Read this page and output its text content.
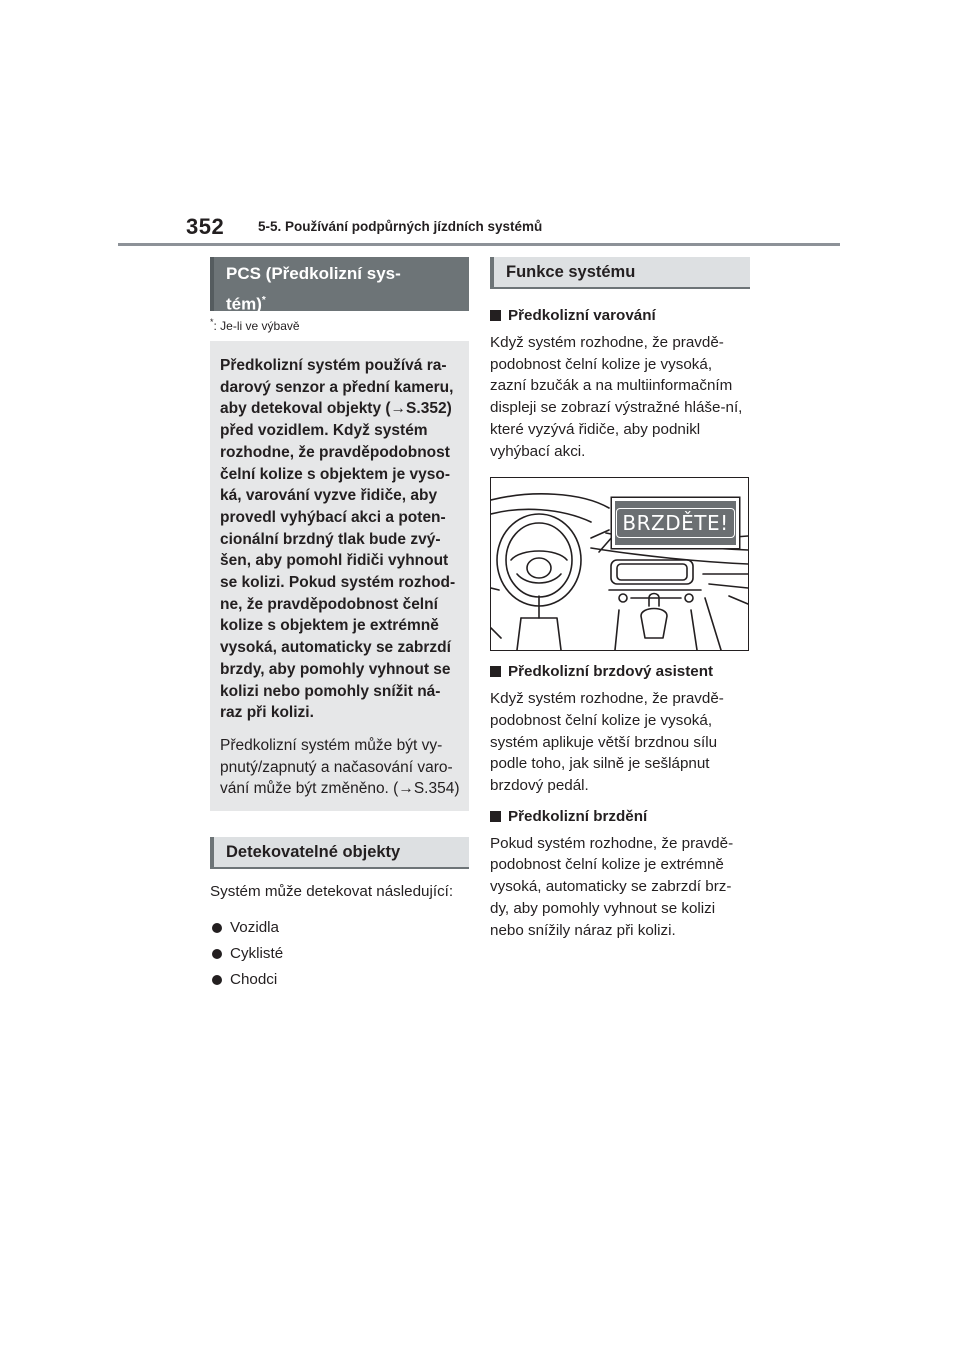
352	5-5. Používání podpůrných jízdních systémů
PCS (Předkolizní sys-
tém)*
*: Je-li ve výbavě

Předkolizní systém používá ra-darový senzor a přední kameru, aby detekoval objekty (→S.352) před vozidlem. Když systém rozhodne, že pravděpodobnost čelní kolize s objektem je vyso-ká, varování vyzve řidiče, aby provedl vyhýbací akci a poten-cionální brzdný tlak bude zvý-šen, aby pomohl řidiči vyhnout se kolizi. Pokud systém rozhod-ne, že pravděpodobnost čelní kolize s objektem je extrémně vysoká, automaticky se zabrzdí brzdy, aby pomohly vyhnout se kolizi nebo pomohly snížit ná-raz při kolizi.

Předkolizní systém může být vy-pnutý/zapnutý a načasování varo-vání může být změněno. (→S.354)

Detekovatelné objekty

Systém může detekovat následující:

Vozidla
Cyklisté
Chodci
Funkce systému

Předkolizní varování

Když systém rozhodne, že pravdě-podobnost čelní kolize je vysoká, zazní bzučák a na multiinformačním displeji se zobrazí výstražné hláše-ní, které vyzývá řidiče, aby podnikl vyhýbací akci.

BRZDĚTE!

Předkolizní brzdový asistent

Když systém rozhodne, že pravdě-podobnost čelní kolize je vysoká, systém aplikuje větší brzdnou sílu podle toho, jak silně je sešlápnut brzdový pedál.

Předkolizní brzdění

Pokud systém rozhodne, že pravdě-podobnost čelní kolize je extrémně vysoká, automaticky se zabrzdí brz-dy, aby pomohly vyhnout se kolizi nebo snížily náraz při kolizi.
